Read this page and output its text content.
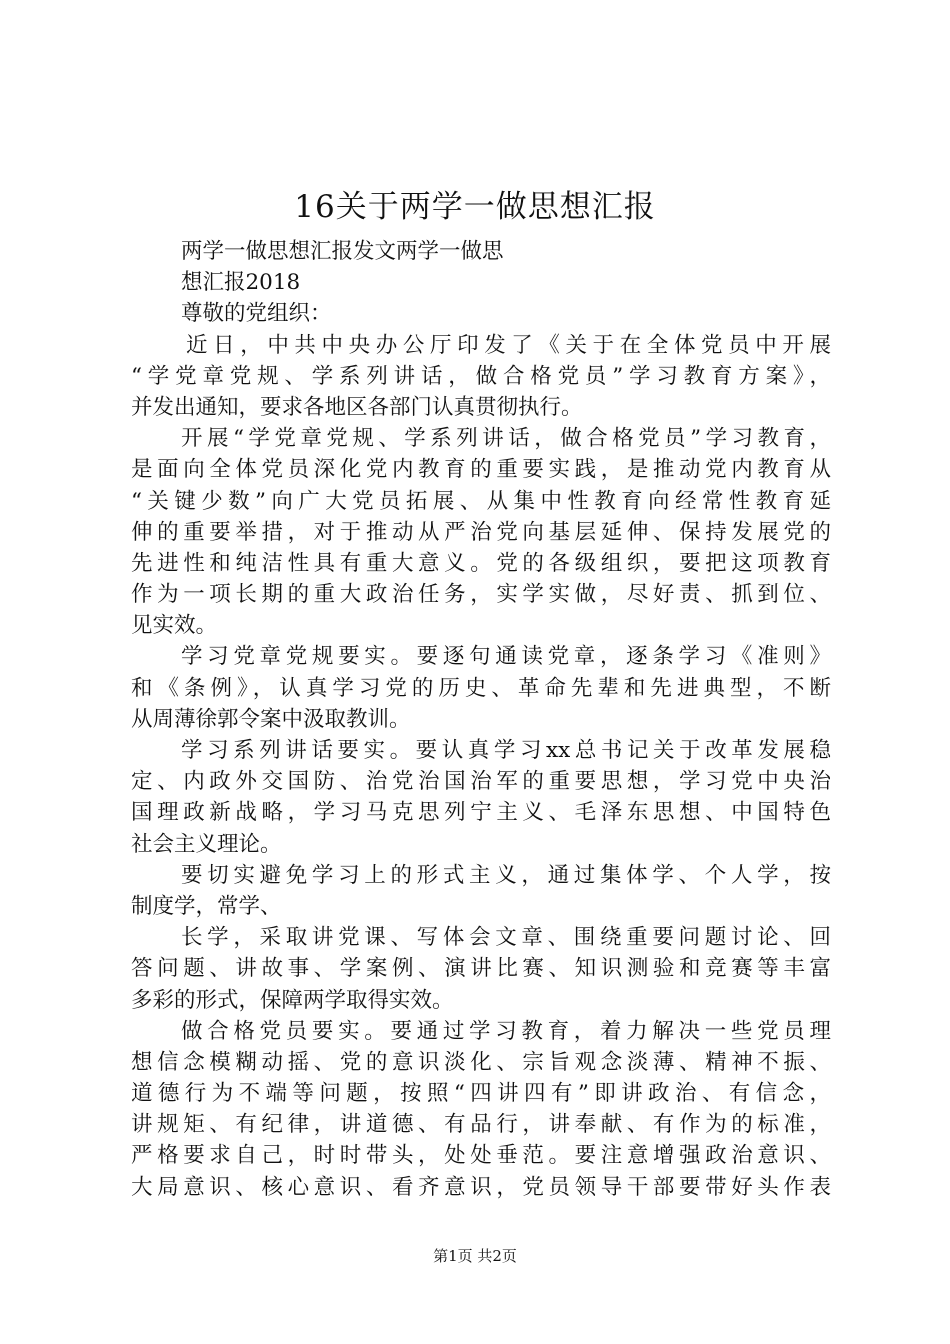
16关于两学一做思想汇报
两学一做思想汇报发文两学一做思
想汇报2018
尊敬的党组织：
近日，中共中央办公厅印发了《关于在全体党员中开展
“学党章党规、学系列讲话，做合格党员”学习教育方案》，
并发出通知，要求各地区各部门认真贯彻执行。
开展“学党章党规、学系列讲话，做合格党员”学习教育，
是面向全体党员深化党内教育的重要实践，是推动党内教育从
“关键少数”向广大党员拓展、从集中性教育向经常性教育延
伸的重要举措，对于推动从严治党向基层延伸、保持发展党的
先进性和纯洁性具有重大意义。党的各级组织，要把这项教育
作为一项长期的重大政治任务，实学实做，尽好责、抓到位、
见实效。
学习党章党规要实。要逐句通读党章，逐条学习《准则》
和《条例》，认真学习党的历史、革命先辈和先进典型，不断
从周薄徐郭令案中汲取教训。
学习系列讲话要实。要认真学习xx总书记关于改革发展稳
定、内政外交国防、治党治国治军的重要思想，学习党中央治
国理政新战略，学习马克思列宁主义、毛泽东思想、中国特色
社会主义理论。
要切实避免学习上的形式主义，通过集体学、个人学，按
制度学，常学、
长学，采取讲党课、写体会文章、围绕重要问题讨论、回
答问题、讲故事、学案例、演讲比赛、知识测验和竞赛等丰富
多彩的形式，保障两学取得实效。
做合格党员要实。要通过学习教育，着力解决一些党员理
想信念模糊动摇、党的意识淡化、宗旨观念淡薄、精神不振、
道德行为不端等问题，按照“四讲四有”即讲政治、有信念，
讲规矩、有纪律，讲道德、有品行，讲奉献、有作为的标准，
严格要求自己，时时带头，处处垂范。要注意增强政治意识、
大局意识、核心意识、看齐意识，党员领导干部要带好头作表
第1页 共2页
